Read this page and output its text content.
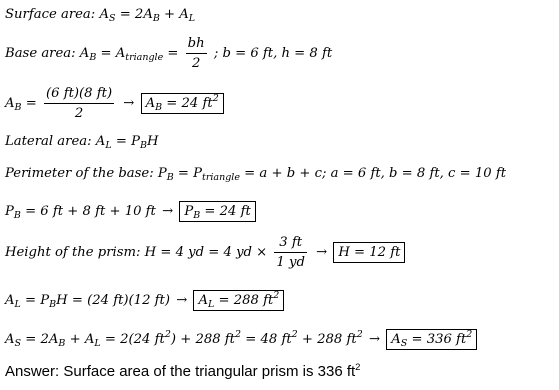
Surface area: $A_S = 2A_B + A_L$
Base area: $A_B = A_{triangle} = \frac{bh}{2}$ ; b = 6 ft, h = 8 ft
$A_B = \frac{(6 ft)(8 ft)}{2} \to A_B = 24$ $ft^2$
Lateral area: $A_L = P_BH$
Perimeter of the base: $P_B = P_{triangle} = a + b + c$; a = 6 ft, b = 8 ft, c = 10 ft
$P_B = 6$ ft + 8 ft + 10 ft → $P_B = 24$ ft
Height of the prism: H = 4 yd = 4 yd × $\frac{3 ft}{1 yd} \to H = 12$ ft
$A_L = P_BH = (24$ ft)(12 $ft) \to A_L = 288$ $ft^2$
$A_S = 2A_B + A_L = 2(24$ $ft^2) + 288$ $ft^2 = 48$ $ft^2 + 288$ $ft^2 \to A_S = 336$ $ft^2$
Answer: Surface area of the triangular prism is 336 $ft^2$
